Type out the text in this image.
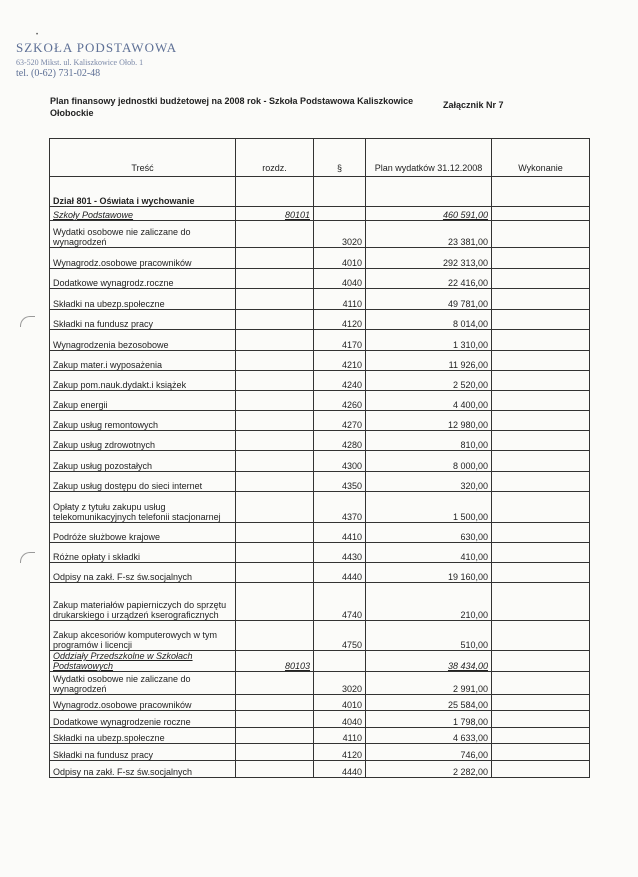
•
SZKOŁA PODSTAWOWA
63-520 Mikst. ul. Kaliszkowice Ołob. 1
tel. (0-62) 731-02-48
Plan finansowy jednostki budżetowej na 2008 rok - Szkoła Podstawowa Kaliszkowice Ołobockie
Załącznik Nr 7
Treść	rozdz.	§	Plan wydatków 31.12.2008	Wykonanie
Dział 801 - Oświata i wychowanie				
Szkoły Podstawowe	80101		460 591,00	
Wydatki osobowe nie zaliczane do wynagrodzeń		3020	23 381,00	
Wynagrodz.osobowe pracowników		4010	292 313,00	
Dodatkowe wynagrodz.roczne		4040	22 416,00	
Składki na ubezp.społeczne		4110	49 781,00	
Składki na fundusz pracy		4120	8 014,00	
Wynagrodzenia bezosobowe		4170	1 310,00	
Zakup mater.i wyposażenia		4210	11 926,00	
Zakup pom.nauk.dydakt.i książek		4240	2 520,00	
Zakup energii		4260	4 400,00	
Zakup usług remontowych		4270	12 980,00	
Zakup usług zdrowotnych		4280	810,00	
Zakup usług pozostałych		4300	8 000,00	
Zakup usług dostępu do sieci internet		4350	320,00	
Opłaty z tytułu zakupu usług telekomunikacyjnych telefonii stacjonarnej		4370	1 500,00	
Podróże służbowe krajowe		4410	630,00	
Różne opłaty i składki		4430	410,00	
Odpisy na zakł. F-sz św.socjalnych		4440	19 160,00	
Zakup materiałów papierniczych do sprzętu drukarskiego i urządzeń kserograficznych		4740	210,00	
Zakup akcesoriów komputerowych w tym programów i licencji		4750	510,00	
Oddziały Przedszkolne w Szkołach Podstawowych	80103		38 434,00	
Wydatki osobowe nie zaliczane do wynagrodzeń		3020	2 991,00	
Wynagrodz.osobowe pracowników		4010	25 584,00	
Dodatkowe wynagrodzenie roczne		4040	1 798,00	
Składki na ubezp.społeczne		4110	4 633,00	
Składki na fundusz pracy		4120	746,00	
Odpisy na zakł. F-sz św.socjalnych		4440	2 282,00	
